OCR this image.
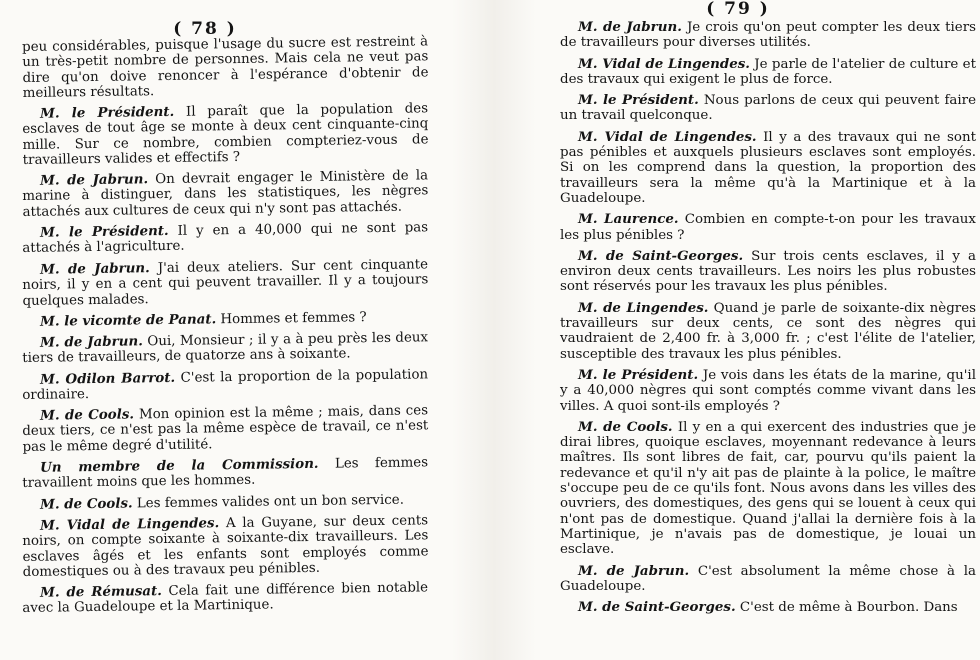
( 78 )

peu considérables, puisque l'usage du sucre est restreint à un très-petit nombre de personnes. Mais cela ne veut pas dire qu'on doive renoncer à l'espérance d'obtenir de meilleurs résultats.

M. le Président. Il paraît que la population des esclaves de tout âge se monte à deux cent cinquante-cinq mille. Sur ce nombre, combien compteriez-vous de travailleurs valides et effectifs ?

M. de Jabrun. On devrait engager le Ministère de la marine à distinguer, dans les statistiques, les nègres attachés aux cultures de ceux qui n'y sont pas attachés.

M. le Président. Il y en a 40,000 qui ne sont pas attachés à l'agriculture.

M. de Jabrun. J'ai deux ateliers. Sur cent cinquante noirs, il y en a cent qui peuvent travailler. Il y a toujours quelques malades.

M. le vicomte de Panat. Hommes et femmes ?

M. de Jabrun. Oui, Monsieur ; il y a à peu près les deux tiers de travailleurs, de quatorze ans à soixante.

M. Odilon Barrot. C'est la proportion de la population ordinaire.

M. de Cools. Mon opinion est la même ; mais, dans ces deux tiers, ce n'est pas la même espèce de travail, ce n'est pas le même degré d'utilité.

Un membre de la Commission. Les femmes travaillent moins que les hommes.

M. de Cools. Les femmes valides ont un bon service.

M. Vidal de Lingendes. A la Guyane, sur deux cents noirs, on compte soixante à soixante-dix travailleurs. Les esclaves âgés et les enfants sont employés comme domestiques ou à des travaux peu pénibles.

M. de Rémusat. Cela fait une différence bien notable avec la Guadeloupe et la Martinique.

( 79 )

M. de Jabrun. Je crois qu'on peut compter les deux tiers de travailleurs pour diverses utilités.

M. Vidal de Lingendes. Je parle de l'atelier de culture et des travaux qui exigent le plus de force.

M. le Président. Nous parlons de ceux qui peuvent faire un travail quelconque.

M. Vidal de Lingendes. Il y a des travaux qui ne sont pas pénibles et auxquels plusieurs esclaves sont employés. Si on les comprend dans la question, la proportion des travailleurs sera la même qu'à la Martinique et à la Guadeloupe.

M. Laurence. Combien en compte-t-on pour les travaux les plus pénibles ?

M. de Saint-Georges. Sur trois cents esclaves, il y a environ deux cents travailleurs. Les noirs les plus robustes sont réservés pour les travaux les plus pénibles.

M. de Lingendes. Quand je parle de soixante-dix nègres travailleurs sur deux cents, ce sont des nègres qui vaudraient de 2,400 fr. à 3,000 fr. ; c'est l'élite de l'atelier, susceptible des travaux les plus pénibles.

M. le Président. Je vois dans les états de la marine, qu'il y a 40,000 nègres qui sont comptés comme vivant dans les villes. A quoi sont-ils employés ?

M. de Cools. Il y en a qui exercent des industries que je dirai libres, quoique esclaves, moyennant redevance à leurs maîtres. Ils sont libres de fait, car, pourvu qu'ils paient la redevance et qu'il n'y ait pas de plainte à la police, le maître s'occupe peu de ce qu'ils font. Nous avons dans les villes des ouvriers, des domestiques, des gens qui se louent à ceux qui n'ont pas de domestique. Quand j'allai la dernière fois à la Martinique, je n'avais pas de domestique, je louai un esclave.

M. de Jabrun. C'est absolument la même chose à la Guadeloupe.

M. de Saint-Georges. C'est de même à Bourbon. Dans
